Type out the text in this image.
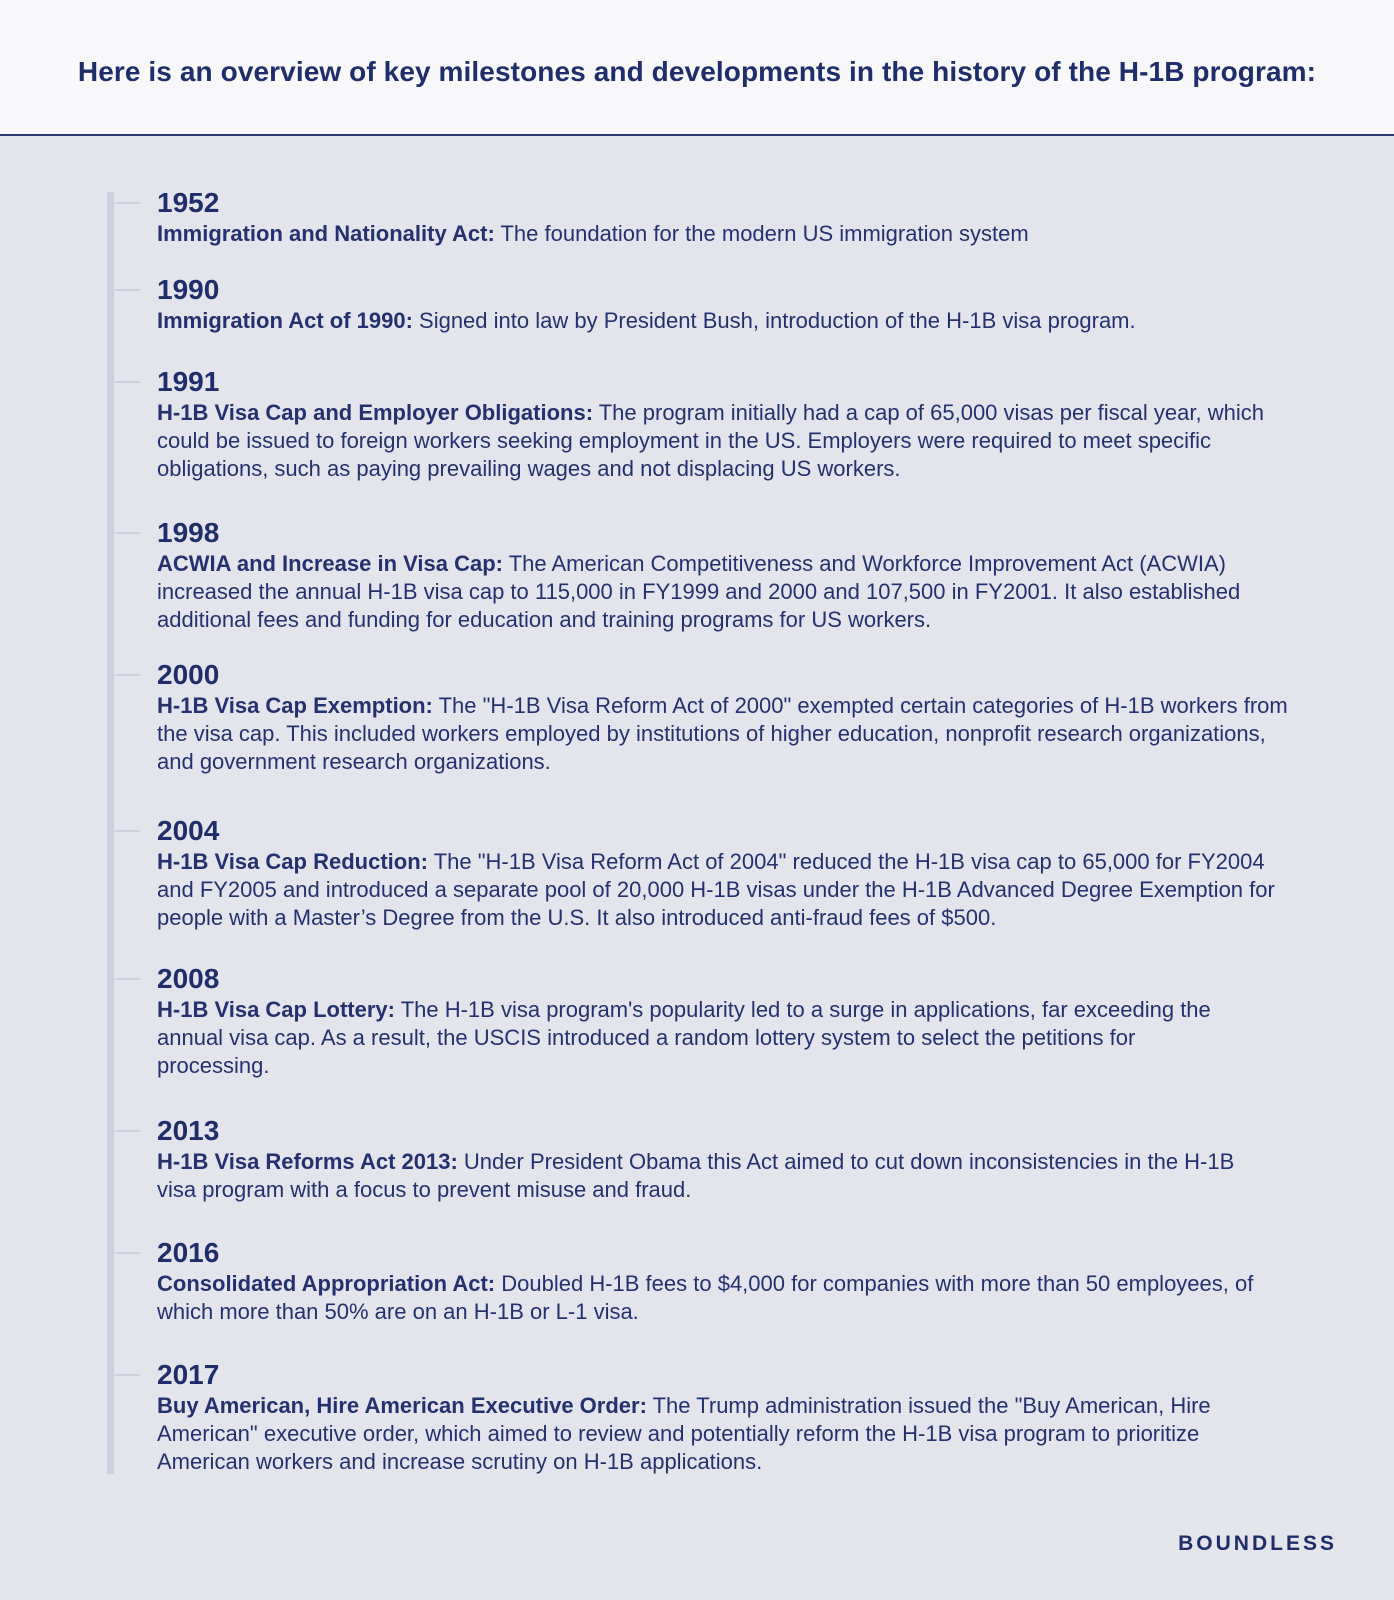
Here is an overview of key milestones and developments in the history of the H-1B program:
1952
Immigration and Nationality Act: The foundation for the modern US immigration system
1990
Immigration Act of 1990: Signed into law by President Bush, introduction of the H-1B visa program.
1991
H-1B Visa Cap and Employer Obligations: The program initially had a cap of 65,000 visas per fiscal year, which could be issued to foreign workers seeking employment in the US. Employers were required to meet specific obligations, such as paying prevailing wages and not displacing US workers.
1998
ACWIA and Increase in Visa Cap: The American Competitiveness and Workforce Improvement Act (ACWIA) increased the annual H-1B visa cap to 115,000 in FY1999 and 2000 and 107,500 in FY2001. It also established additional fees and funding for education and training programs for US workers.
2000
H-1B Visa Cap Exemption: The "H-1B Visa Reform Act of 2000" exempted certain categories of H-1B workers from the visa cap. This included workers employed by institutions of higher education, nonprofit research organizations, and government research organizations.
2004
H-1B Visa Cap Reduction: The "H-1B Visa Reform Act of 2004" reduced the H-1B visa cap to 65,000 for FY2004 and FY2005 and introduced a separate pool of 20,000 H-1B visas under the H-1B Advanced Degree Exemption for people with a Master’s Degree from the U.S. It also introduced anti-fraud fees of $500.
2008
H-1B Visa Cap Lottery: The H-1B visa program's popularity led to a surge in applications, far exceeding the annual visa cap. As a result, the USCIS introduced a random lottery system to select the petitions for processing.
2013
H-1B Visa Reforms Act 2013: Under President Obama this Act aimed to cut down inconsistencies in the H-1B visa program with a focus to prevent misuse and fraud.
2016
Consolidated Appropriation Act: Doubled H-1B fees to $4,000 for companies with more than 50 employees, of which more than 50% are on an H-1B or L-1 visa.
2017
Buy American, Hire American Executive Order: The Trump administration issued the "Buy American, Hire American" executive order, which aimed to review and potentially reform the H-1B visa program to prioritize American workers and increase scrutiny on H-1B applications.
BOUNDLESS
